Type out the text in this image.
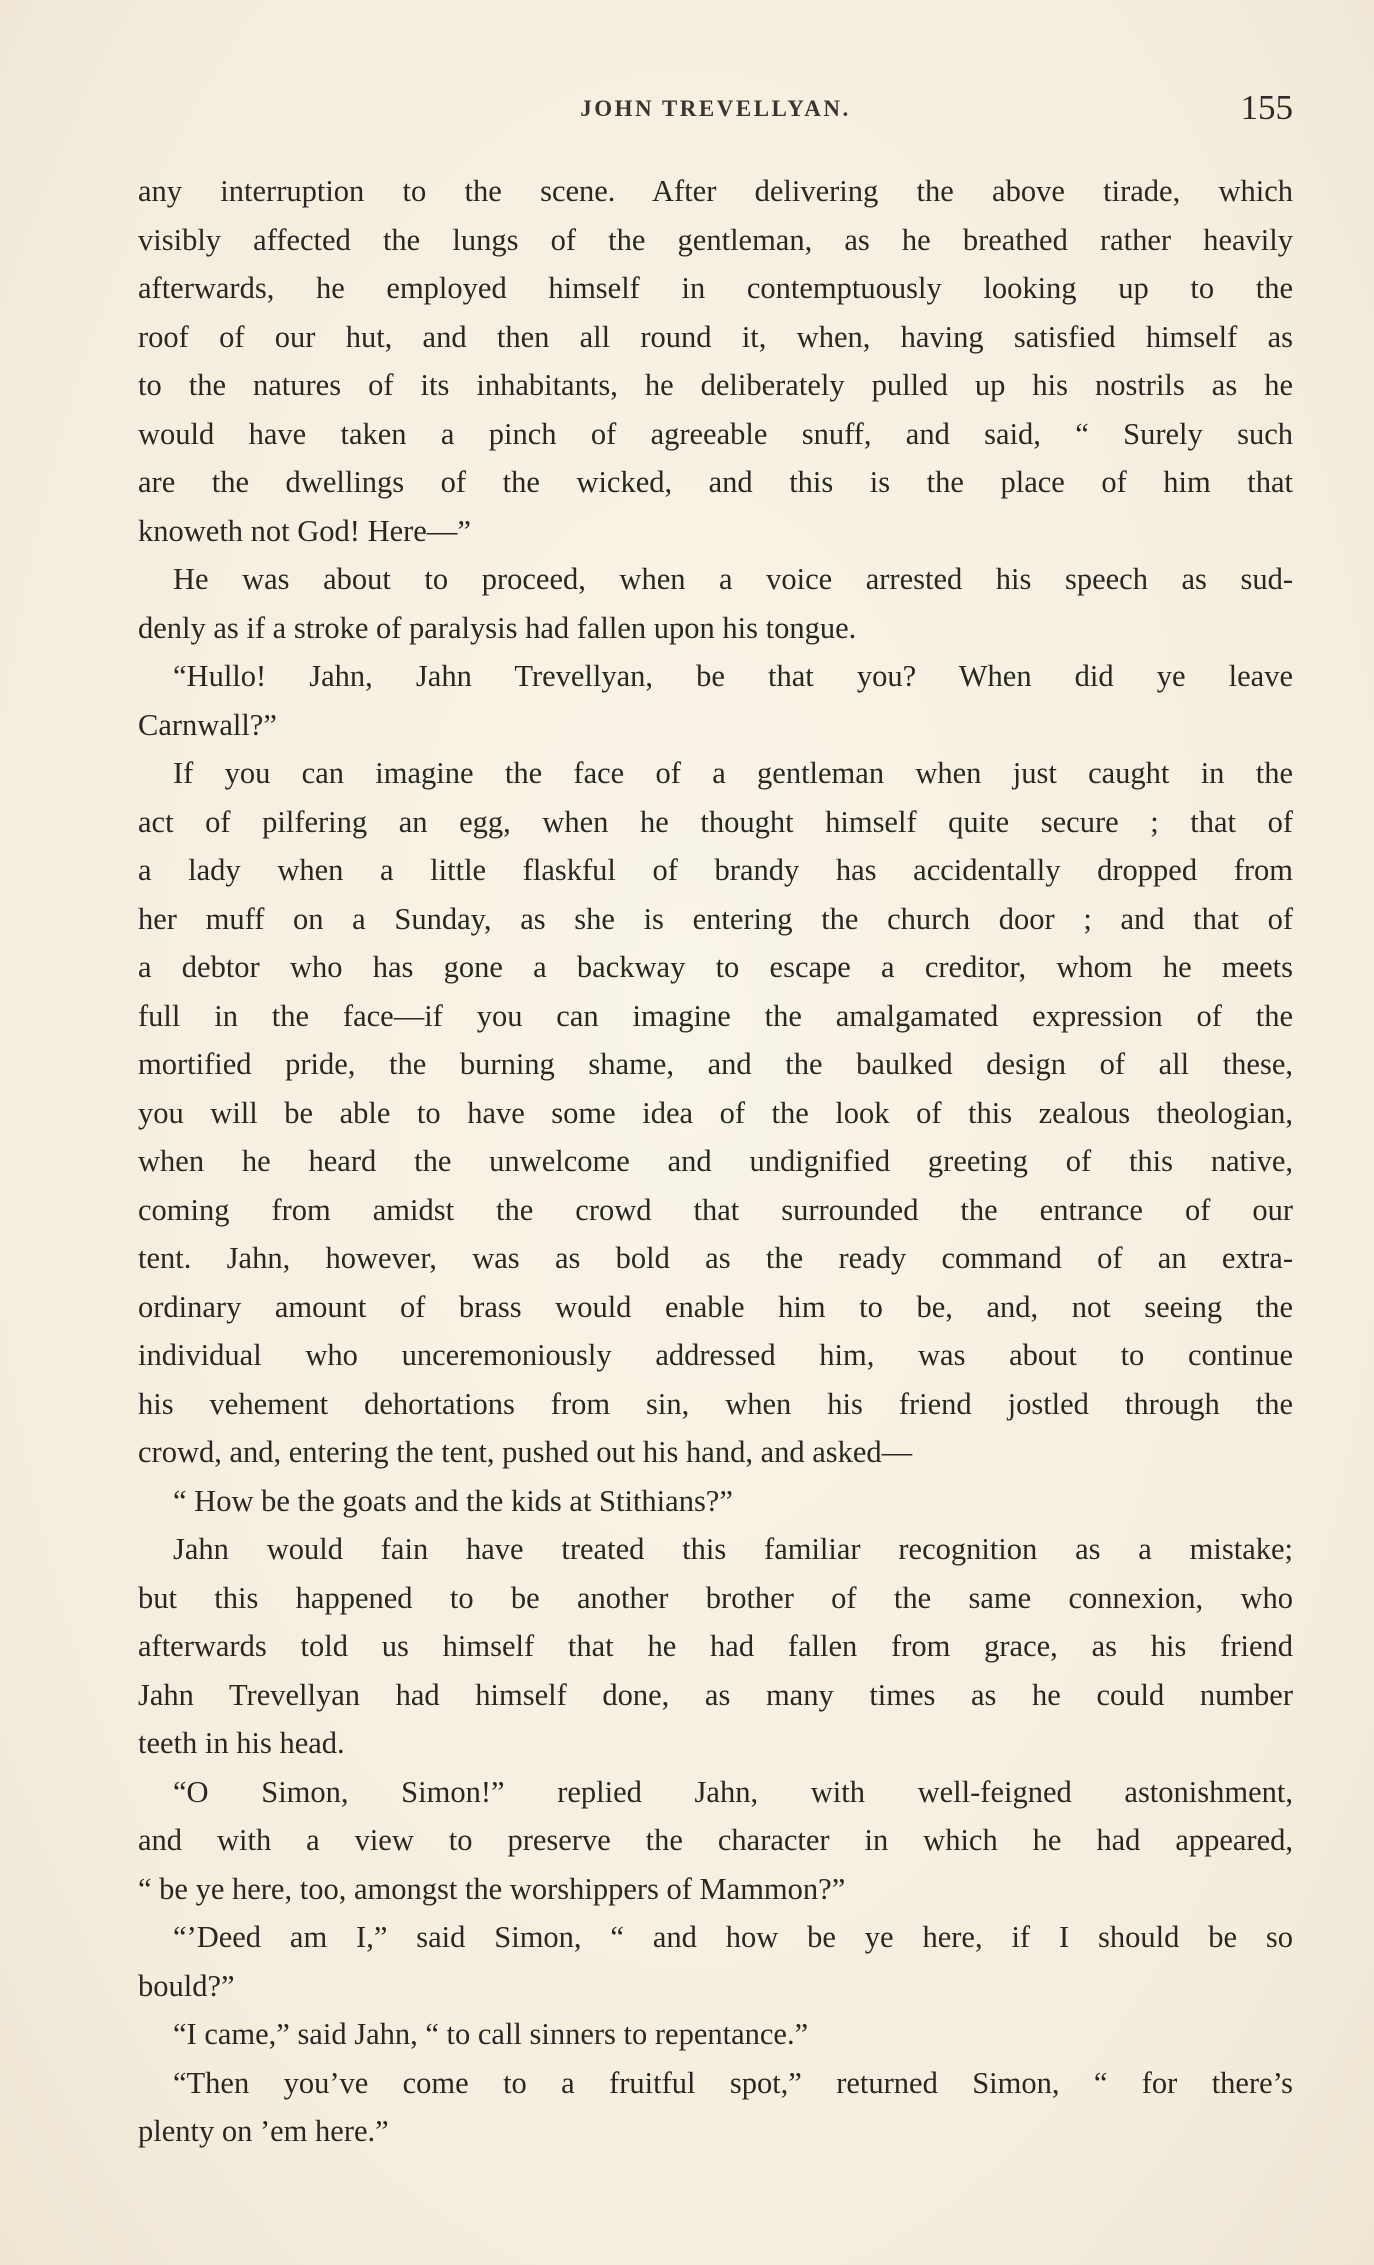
JOHN TREVELLYAN.	155
any interruption to the scene. After delivering the above tirade, which
visibly affected the lungs of the gentleman, as he breathed rather heavily
afterwards, he employed himself in contemptuously looking up to the
roof of our hut, and then all round it, when, having satisfied himself as
to the natures of its inhabitants, he deliberately pulled up his nostrils as he
would have taken a pinch of agreeable snuff, and said, “ Surely such
are the dwellings of the wicked, and this is the place of him that
knoweth not God! Here—”
He was about to proceed, when a voice arrested his speech as sud-
denly as if a stroke of paralysis had fallen upon his tongue.
“Hullo! Jahn, Jahn Trevellyan, be that you? When did ye leave
Carnwall?”
If you can imagine the face of a gentleman when just caught in the
act of pilfering an egg, when he thought himself quite secure ; that of
a lady when a little flaskful of brandy has accidentally dropped from
her muff on a Sunday, as she is entering the church door ; and that of
a debtor who has gone a backway to escape a creditor, whom he meets
full in the face—if you can imagine the amalgamated expression of the
mortified pride, the burning shame, and the baulked design of all these,
you will be able to have some idea of the look of this zealous theologian,
when he heard the unwelcome and undignified greeting of this native,
coming from amidst the crowd that surrounded the entrance of our
tent. Jahn, however, was as bold as the ready command of an extra-
ordinary amount of brass would enable him to be, and, not seeing the
individual who unceremoniously addressed him, was about to continue
his vehement dehortations from sin, when his friend jostled through the
crowd, and, entering the tent, pushed out his hand, and asked—
“ How be the goats and the kids at Stithians?”
Jahn would fain have treated this familiar recognition as a mistake;
but this happened to be another brother of the same connexion, who
afterwards told us himself that he had fallen from grace, as his friend
Jahn Trevellyan had himself done, as many times as he could number
teeth in his head.
“O Simon, Simon!” replied Jahn, with well-feigned astonishment,
and with a view to preserve the character in which he had appeared,
“ be ye here, too, amongst the worshippers of Mammon?”
“’Deed am I,” said Simon, “ and how be ye here, if I should be so
bould?”
“I came,” said Jahn, “ to call sinners to repentance.”
“Then you’ve come to a fruitful spot,” returned Simon, “ for there’s
plenty on ’em here.”
